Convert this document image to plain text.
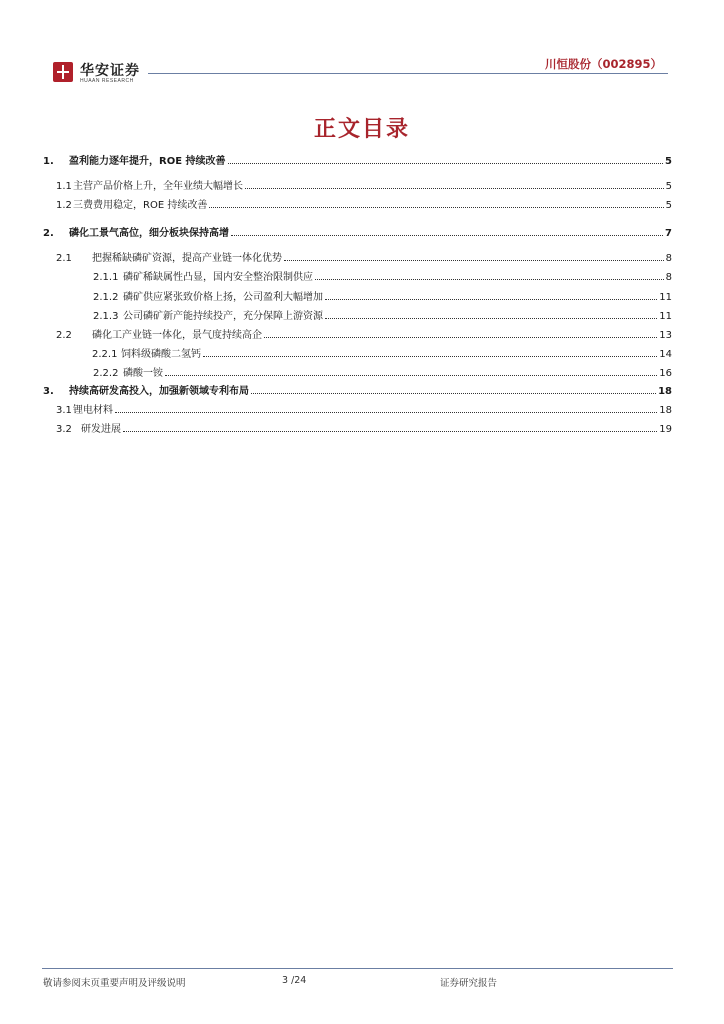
华安证券
HUAAN RESEARCH
川恒股份（002895）
正文目录
1.	盈利能力逐年提升，ROE 持续改善	5
1.1 主营产品价格上升，全年业绩大幅增长	5
1.2 三费费用稳定，ROE 持续改善	5
2.	磷化工景气高位，细分板块保持高增	7
2.1	把握稀缺磷矿资源，提高产业链一体化优势	8
2.1.1 磷矿稀缺属性凸显，国内安全整治限制供应	8
2.1.2 磷矿供应紧张致价格上扬，公司盈利大幅增加	11
2.1.3 公司磷矿新产能持续投产，充分保障上游资源	11
2.2	磷化工产业链一体化，景气度持续高企	13
2.2.1 饲料级磷酸二氢钙	14
2.2.2 磷酸一铵	16
3.	持续高研发高投入，加强新领域专利布局	18
3.1 锂电材料	18
3.2 研发进展	19
敬请参阅末页重要声明及评级说明	3 /24	证券研究报告
